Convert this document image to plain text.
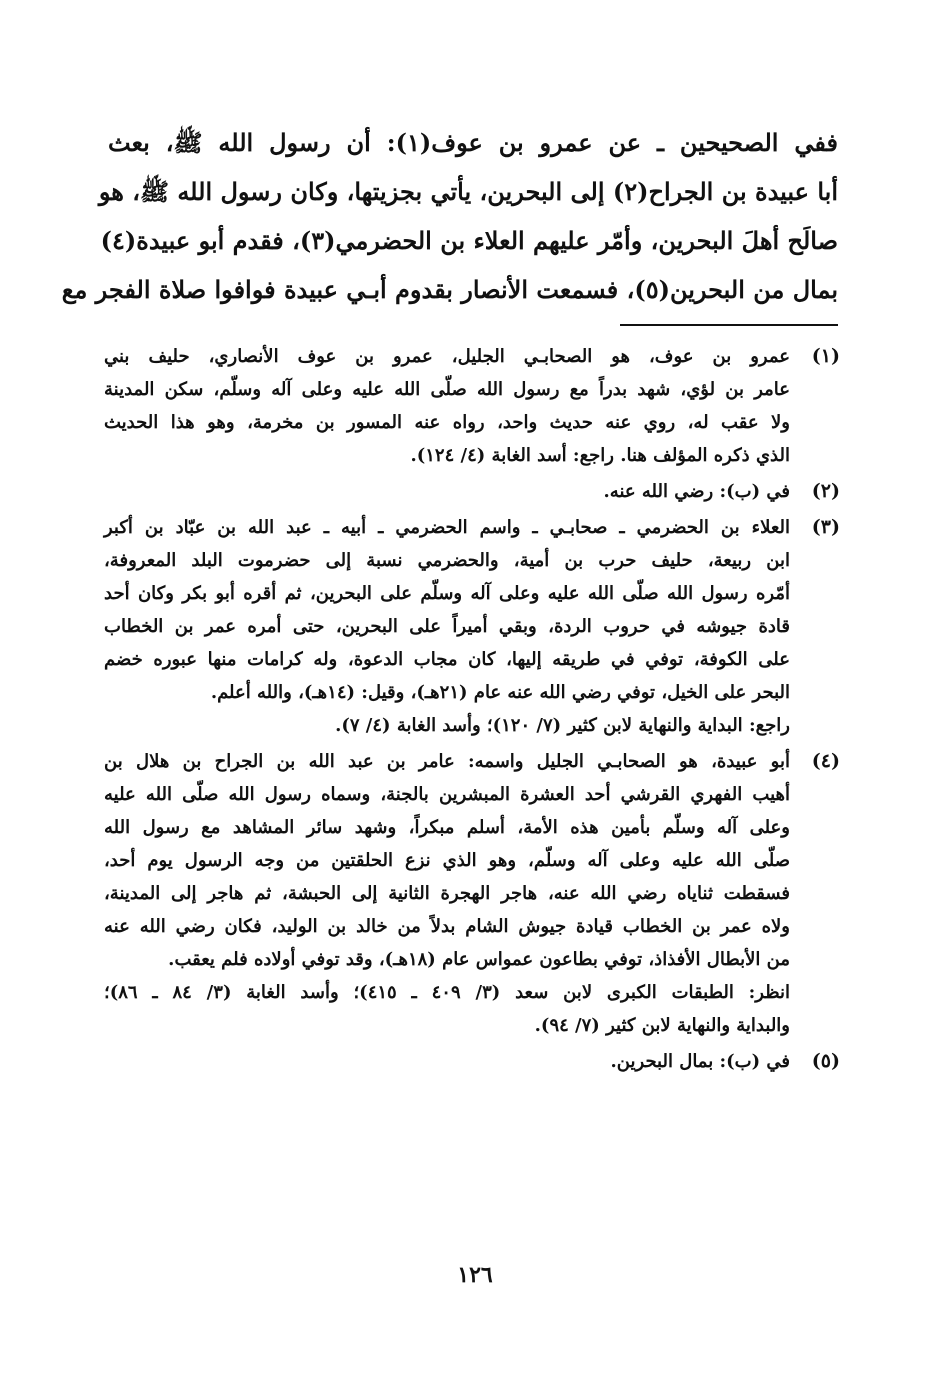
ففي الصحيحين ـ عن عمرو بن عوف(١): أن رسول الله ﷺ، بعث
أبا عبيدة بن الجراح(٢) إلى البحرين، يأتي بجزيتها، وكان رسول الله ﷺ، هو
صالَح أهلَ البحرين، وأمّر عليهم العلاء بن الحضرمي(٣)، فقدم أبو عبيدة(٤)
بمال من البحرين(٥)، فسمعت الأنصار بقدوم أبـي عبيدة فوافوا صلاة الفجر مع
(١)
عمرو بن عوف، هو الصحابـي الجليل، عمرو بن عوف الأنصاري، حليف بني
عامر بن لؤي، شهد بدراً مع رسول الله صلّى الله عليه وعلى آله وسلّم، سكن المدينة
ولا عقب له، روي عنه حديث واحد، رواه عنه المسور بن مخرمة، وهو هذا الحديث
الذي ذكره المؤلف هنا. راجع: أسد الغابة (٤/ ١٢٤).
(٢)
في (ب): رضي الله عنه.
(٣)
العلاء بن الحضرمي ـ صحابـي ـ واسم الحضرمي ـ أبيه ـ عبد الله بن عبّاد بن أكبر
ابن ربيعة، حليف حرب بن أمية، والحضرمي نسبة إلى حضرموت البلد المعروفة،
أمّره رسول الله صلّى الله عليه وعلى آله وسلّم على البحرين، ثم أقره أبو بكر وكان أحد
قادة جيوشه في حروب الردة، وبقي أميراً على البحرين، حتى أمره عمر بن الخطاب
على الكوفة، توفي في طريقه إليها، كان مجاب الدعوة، وله كرامات منها عبوره خضم
البحر على الخيل، توفي رضي الله عنه عام (٢١هـ)، وقيل: (١٤هـ)، والله أعلم.
راجع: البداية والنهاية لابن كثير (٧/ ١٢٠)؛ وأسد الغابة (٤/ ٧).
(٤)
أبو عبيدة، هو الصحابـي الجليل واسمه: عامر بن عبد الله بن الجراح بن هلال بن
أهيب الفهري القرشي أحد العشرة المبشرين بالجنة، وسماه رسول الله صلّى الله عليه
وعلى آله وسلّم بأمين هذه الأمة، أسلم مبكراً، وشهد سائر المشاهد مع رسول الله
صلّى الله عليه وعلى آله وسلّم، وهو الذي نزع الحلقتين من وجه الرسول يوم أحد،
فسقطت ثناياه رضي الله عنه، هاجر الهجرة الثانية إلى الحبشة، ثم هاجر إلى المدينة،
ولاه عمر بن الخطاب قيادة جيوش الشام بدلاً من خالد بن الوليد، فكان رضي الله عنه
من الأبطال الأفذاذ، توفي بطاعون عمواس عام (١٨هـ)، وقد توفي أولاده فلم يعقب.
انظر: الطبقات الكبرى لابن سعد (٣/ ٤٠٩ ـ ٤١٥)؛ وأسد الغابة (٣/ ٨٤ ـ ٨٦)؛
والبداية والنهاية لابن كثير (٧/ ٩٤).
(٥)
في (ب): بمال البحرين.
١٢٦
